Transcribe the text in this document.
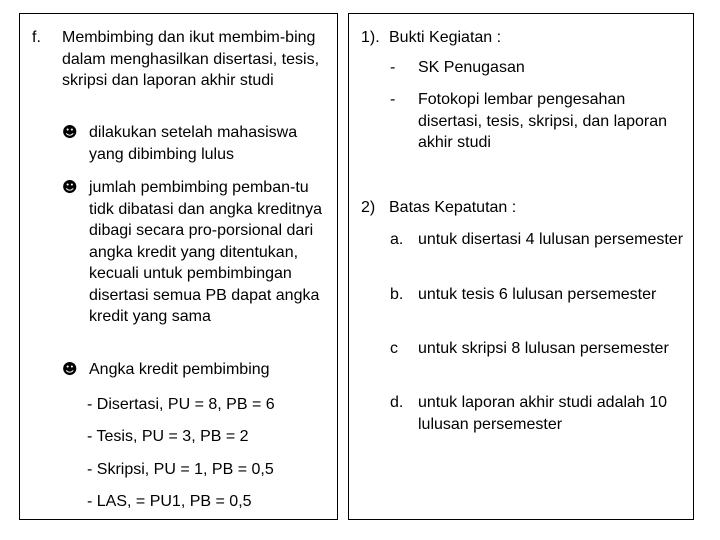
f.	Membimbing dan ikut membim-bing dalam menghasilkan disertasi, tesis, skripsi dan laporan akhir studi
☻ dilakukan setelah mahasiswa yang dibimbing lulus
☻ jumlah pembimbing pemban-tu tidk dibatasi dan angka kreditnya dibagi secara pro-porsional dari angka kredit yang ditentukan, kecuali untuk pembimbingan disertasi semua PB dapat angka kredit yang sama
☻ Angka kredit pembimbing
- Disertasi, PU = 8, PB = 6
- Tesis, PU = 3, PB = 2
- Skripsi, PU = 1, PB = 0,5
- LAS, = PU1, PB = 0,5
1). Bukti Kegiatan :
-	SK Penugasan
-	Fotokopi lembar pengesahan disertasi, tesis, skripsi, dan laporan akhir studi
2) Batas Kepatutan :
a. untuk disertasi 4 lulusan persemester
b. untuk tesis 6 lulusan persemester
c	untuk skripsi 8 lulusan persemester
d. untuk laporan akhir studi adalah 10 lulusan persemester
